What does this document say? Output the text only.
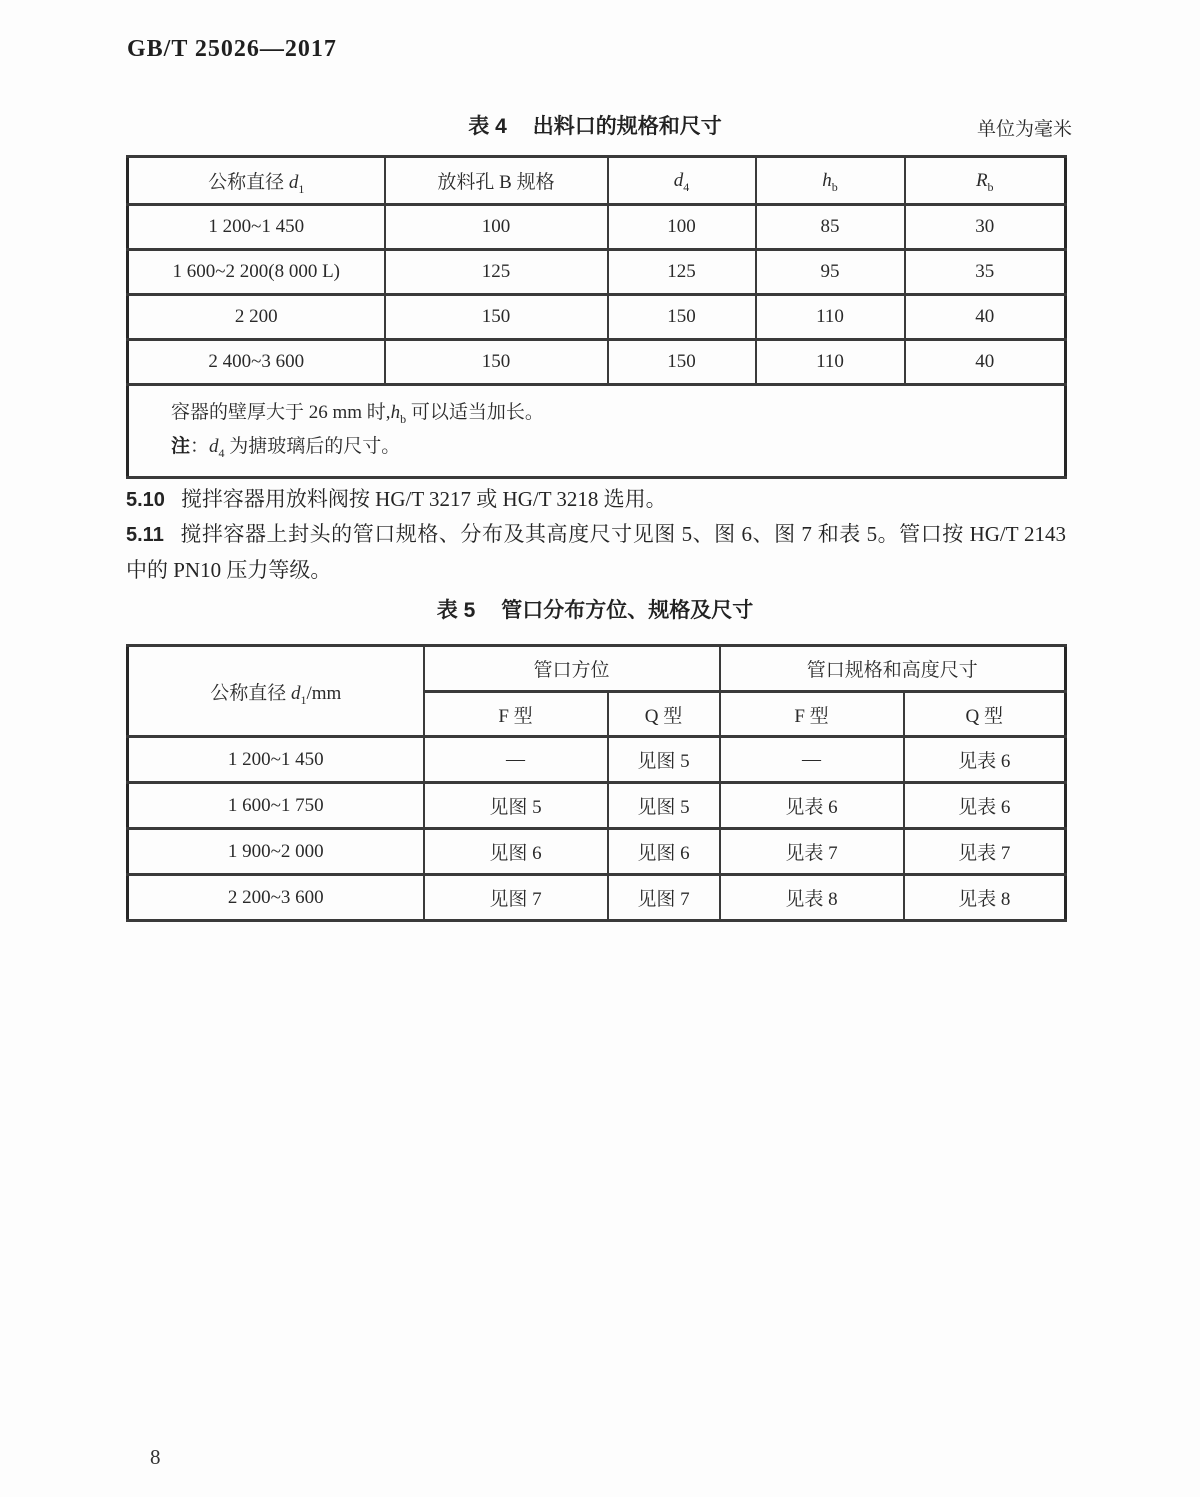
GB/T 25026—2017
表 4 出料口的规格和尺寸	单位为毫米
公称直径 $d_1$	放料孔 B 规格	$d_4$	$h_b$	$R_b$
1 200~1 450	100	100	85	30
1 600~2 200(8 000 L)	125	125	95	35
2 200	150	150	110	40
2 400~3 600	150	150	110	40

容器的壁厚大于 26 mm 时$,h_b$ 可以适当加长。
注：$d_4$ 为搪玻璃后的尺寸。				
5.10 搅拌容器用放料阀按 HG/T 3217 或 HG/T 3218 选用。
5.11 搅拌容器上封头的管口规格、分布及其高度尺寸见图 5、图 6、图 7 和表 5。管口按 HG/T 2143 中的 PN10 压力等级。
表 5 管口分布方位、规格及尺寸
公称直径 $d_1/mm$	管口方位		管口规格和高度尺寸	
	F 型	Q 型	F 型	Q 型
1 200~1 450	—	见图 5	—	见表 6
1 600~1 750	见图 5	见图 5	见表 6	见表 6
1 900~2 000	见图 6	见图 6	见表 7	见表 7
2 200~3 600	见图 7	见图 7	见表 8	见表 8
8
